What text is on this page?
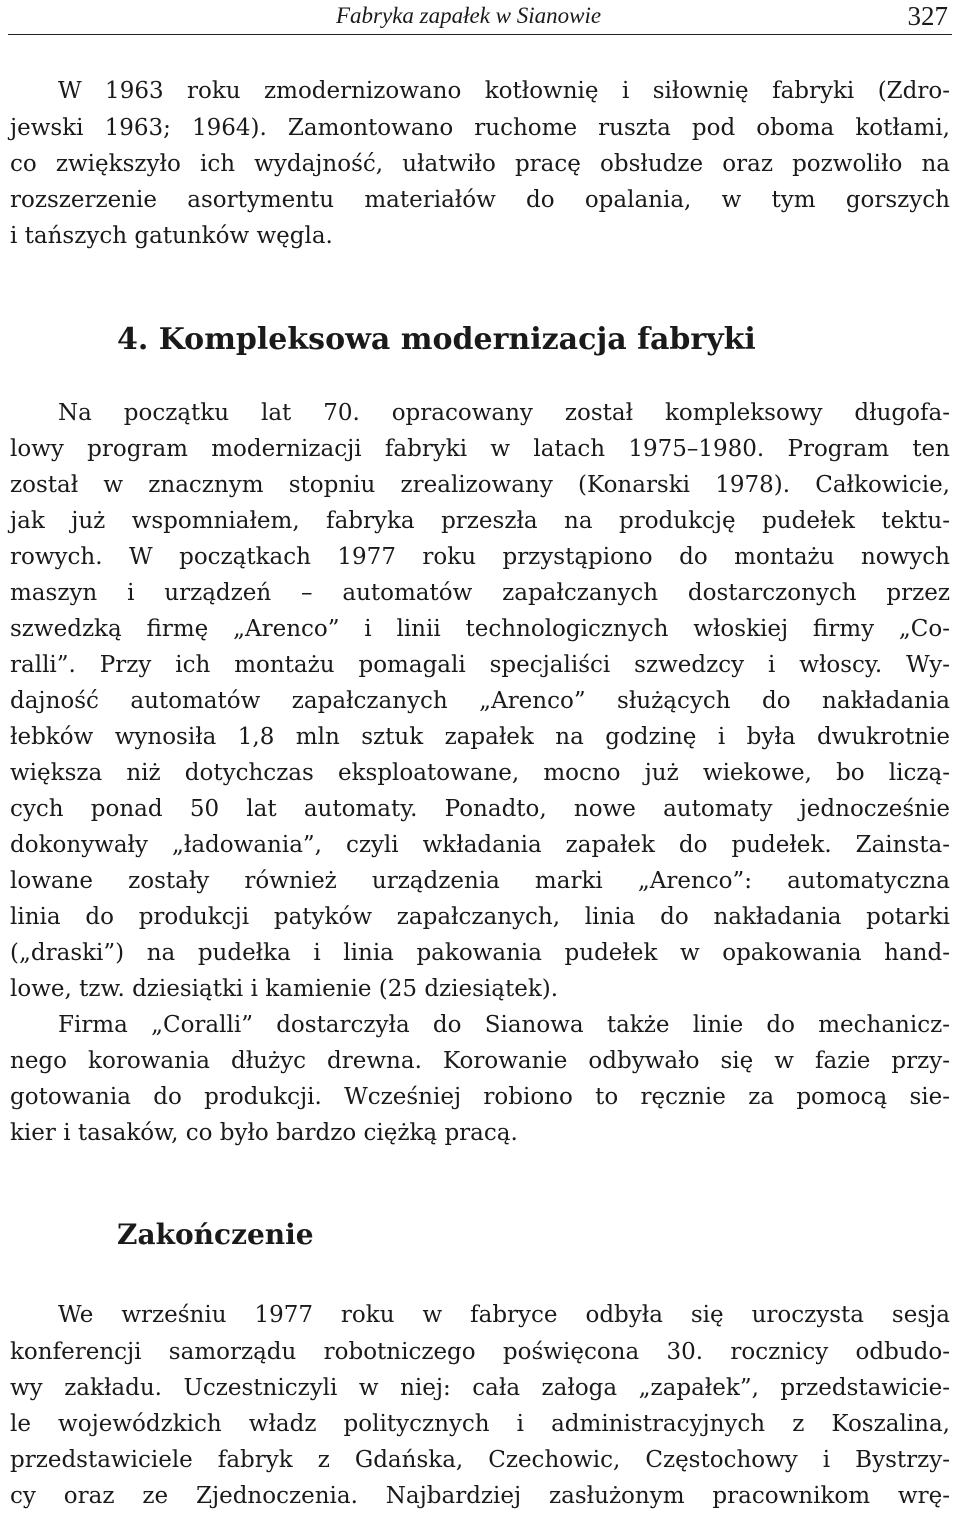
Fabryka zapałek w Sianowie	327
W 1963 roku zmodernizowano kotłownię i siłownię fabryki (Zdro-
jewski 1963; 1964). Zamontowano ruchome ruszta pod oboma kotłami,
co zwiększyło ich wydajność, ułatwiło pracę obsłudze oraz pozwoliło na
rozszerzenie asortymentu materiałów do opalania, w tym gorszych
i tańszych gatunków węgla.
4. Kompleksowa modernizacja fabryki
Na początku lat 70. opracowany został kompleksowy długofa-
lowy program modernizacji fabryki w latach 1975–1980. Program ten
został w znacznym stopniu zrealizowany (Konarski 1978). Całkowicie,
jak już wspomniałem, fabryka przeszła na produkcję pudełek tektu-
rowych. W początkach 1977 roku przystąpiono do montażu nowych
maszyn i urządzeń – automatów zapałczanych dostarczonych przez
szwedzką firmę „Arenco” i linii technologicznych włoskiej firmy „Co-
ralli”. Przy ich montażu pomagali specjaliści szwedzcy i włoscy. Wy-
dajność automatów zapałczanych „Arenco” służących do nakładania
łebków wynosiła 1,8 mln sztuk zapałek na godzinę i była dwukrotnie
większa niż dotychczas eksploatowane, mocno już wiekowe, bo liczą-
cych ponad 50 lat automaty. Ponadto, nowe automaty jednocześnie
dokonywały „ładowania”, czyli wkładania zapałek do pudełek. Zainsta-
lowane zostały również urządzenia marki „Arenco”: automatyczna
linia do produkcji patyków zapałczanych, linia do nakładania potarki
(„draski”) na pudełka i linia pakowania pudełek w opakowania hand-
lowe, tzw. dziesiątki i kamienie (25 dziesiątek).
Firma „Coralli” dostarczyła do Sianowa także linie do mechanicz-
nego korowania dłużyc drewna. Korowanie odbywało się w fazie przy-
gotowania do produkcji. Wcześniej robiono to ręcznie za pomocą sie-
kier i tasaków, co było bardzo ciężką pracą.
Zakończenie
We wrześniu 1977 roku w fabryce odbyła się uroczysta sesja
konferencji samorządu robotniczego poświęcona 30. rocznicy odbudo-
wy zakładu. Uczestniczyli w niej: cała załoga „zapałek”, przedstawicie-
le wojewódzkich władz politycznych i administracyjnych z Koszalina,
przedstawiciele fabryk z Gdańska, Czechowic, Częstochowy i Bystrzy-
cy oraz ze Zjednoczenia. Najbardziej zasłużonym pracownikom wrę-
